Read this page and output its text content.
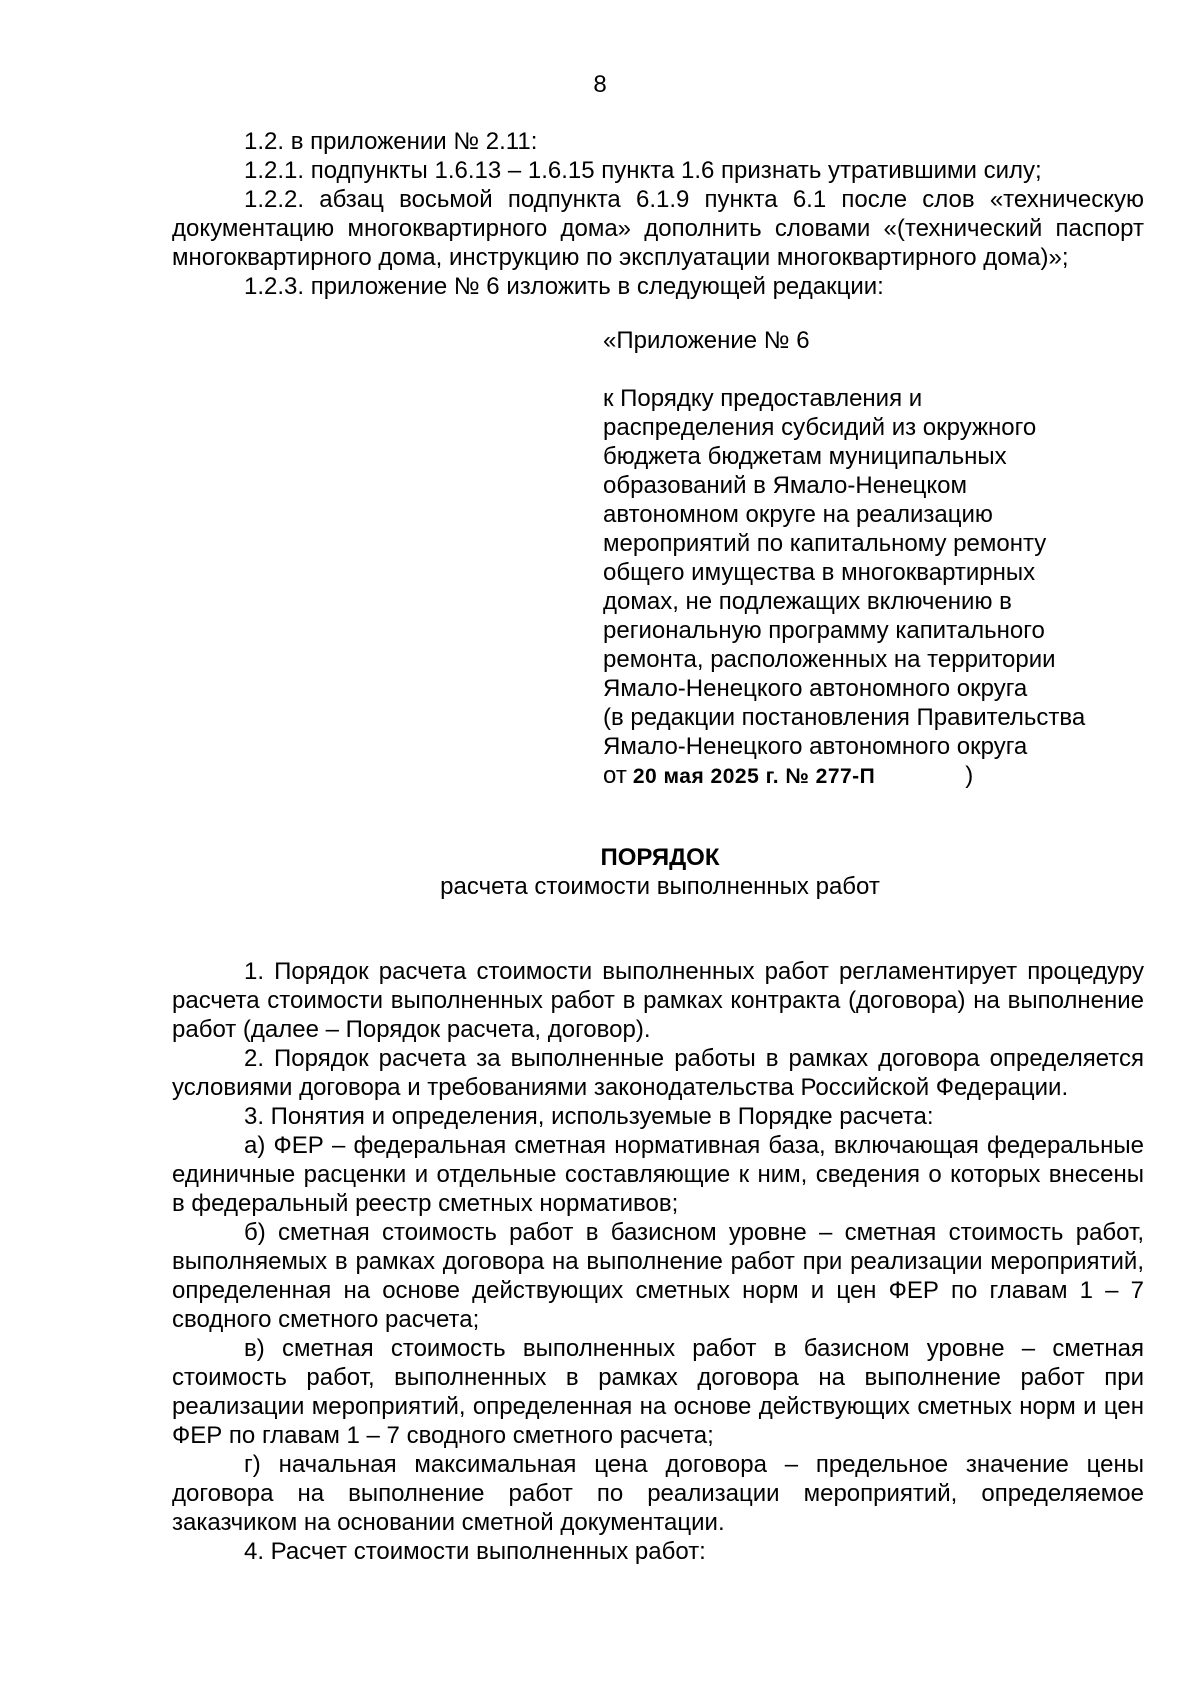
8

1.2. в приложении № 2.11:

1.2.1. подпункты 1.6.13 – 1.6.15 пункта 1.6 признать утратившими силу;

1.2.2. абзац восьмой подпункта 6.1.9 пункта 6.1 после слов «техническую документацию многоквартирного дома» дополнить словами «(технический паспорт многоквартирного дома, инструкцию по эксплуатации многоквартирного дома)»;

1.2.3. приложение № 6 изложить в следующей редакции:

«Приложение № 6

к Порядку предоставления и
распределения субсидий из окружного
бюджета бюджетам муниципальных
образований в Ямало-Ненецком
автономном округе на реализацию
мероприятий по капитальному ремонту
общего имущества в многоквартирных
домах, не подлежащих включению в
региональную программу капитального
ремонта, расположенных на территории
Ямало-Ненецкого автономного округа
(в редакции постановления Правительства
Ямало-Ненецкого автономного округа

от 20 мая 2025 г. № 277-П	)

ПОРЯДОК

расчета стоимости выполненных работ

1. Порядок расчета стоимости выполненных работ регламентирует процедуру расчета стоимости выполненных работ в рамках контракта (договора) на выполнение работ (далее – Порядок расчета, договор).

2. Порядок расчета за выполненные работы в рамках договора определяется условиями договора и требованиями законодательства Российской Федерации.

3. Понятия и определения, используемые в Порядке расчета:

а) ФЕР – федеральная сметная нормативная база, включающая федеральные единичные расценки и отдельные составляющие к ним, сведения о которых внесены в федеральный реестр сметных нормативов;

б) сметная стоимость работ в базисном уровне – сметная стоимость работ, выполняемых в рамках договора на выполнение работ при реализации мероприятий, определенная на основе действующих сметных норм и цен ФЕР по главам 1 – 7 сводного сметного расчета;

в) сметная стоимость выполненных работ в базисном уровне – сметная стоимость работ, выполненных в рамках договора на выполнение работ при реализации мероприятий, определенная на основе действующих сметных норм и цен ФЕР по главам 1 – 7 сводного сметного расчета;

г) начальная максимальная цена договора – предельное значение цены договора на выполнение работ по реализации мероприятий, определяемое заказчиком на основании сметной документации.

4. Расчет стоимости выполненных работ:
